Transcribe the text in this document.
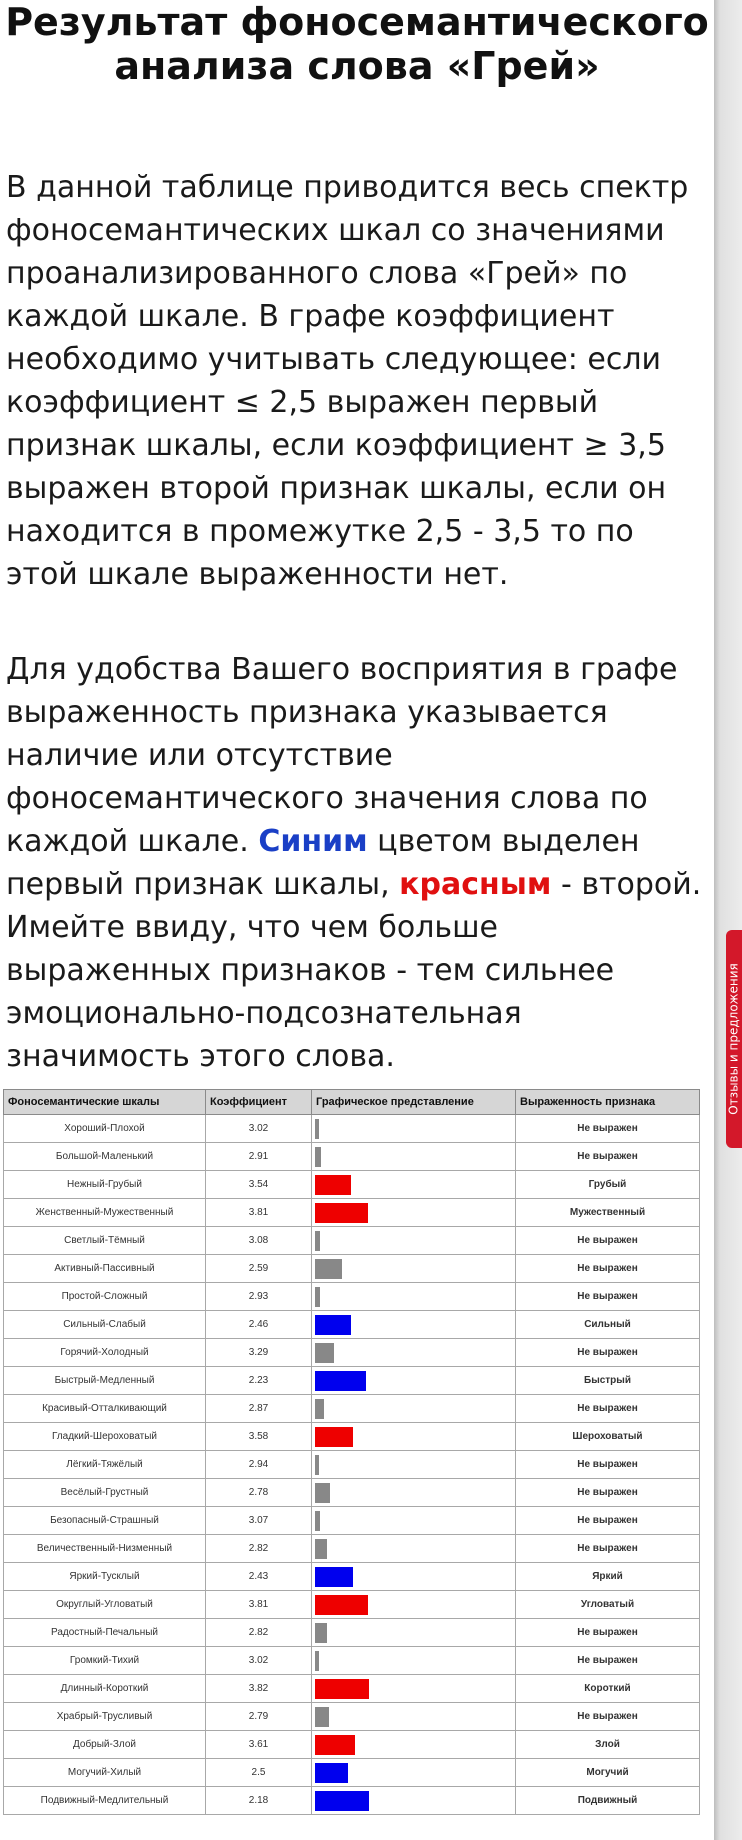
Результат фоносемантического анализа слова «Грей»

В данной таблице приводится весь спектр фоносемантических шкал со значениями проанализированного слова «Грей» по каждой шкале. В графе коэффициент необходимо учитывать следующее: если коэффициент ≤ 2,5 выражен первый признак шкалы, если коэффициент ≥ 3,5 выражен второй признак шкалы, если он находится в промежутке 2,5 - 3,5 то по этой шкале выраженности нет.

Для удобства Вашего восприятия в графе выраженность признака указывается наличие или отсутствие фоносемантического значения слова по каждой шкале. Синим цветом выделен первый признак шкалы, красным - второй. Имейте ввиду, что чем больше выраженных признаков - тем сильнее эмоционально-подсознательная значимость этого слова.

Фоносемантические шкалы	Коэффициент	Графическое представление	Выраженность признака
Хороший-Плохой	3.02		Не выражен
Большой-Маленький	2.91		Не выражен
Нежный-Грубый	3.54		Грубый
Женственный-Мужественный	3.81		Мужественный
Светлый-Тёмный	3.08		Не выражен
Активный-Пассивный	2.59		Не выражен
Простой-Сложный	2.93		Не выражен
Сильный-Слабый	2.46		Сильный
Горячий-Холодный	3.29		Не выражен
Быстрый-Медленный	2.23		Быстрый
Красивый-Отталкивающий	2.87		Не выражен
Гладкий-Шероховатый	3.58		Шероховатый
Лёгкий-Тяжёлый	2.94		Не выражен
Весёлый-Грустный	2.78		Не выражен
Безопасный-Страшный	3.07		Не выражен
Величественный-Низменный	2.82		Не выражен
Яркий-Тусклый	2.43		Яркий
Округлый-Угловатый	3.81		Угловатый
Радостный-Печальный	2.82		Не выражен
Громкий-Тихий	3.02		Не выражен
Длинный-Короткий	3.82		Короткий
Храбрый-Трусливый	2.79		Не выражен
Добрый-Злой	3.61		Злой
Могучий-Хилый	2.5		Могучий
Подвижный-Медлительный	2.18		Подвижный
Отзывы и предложения
